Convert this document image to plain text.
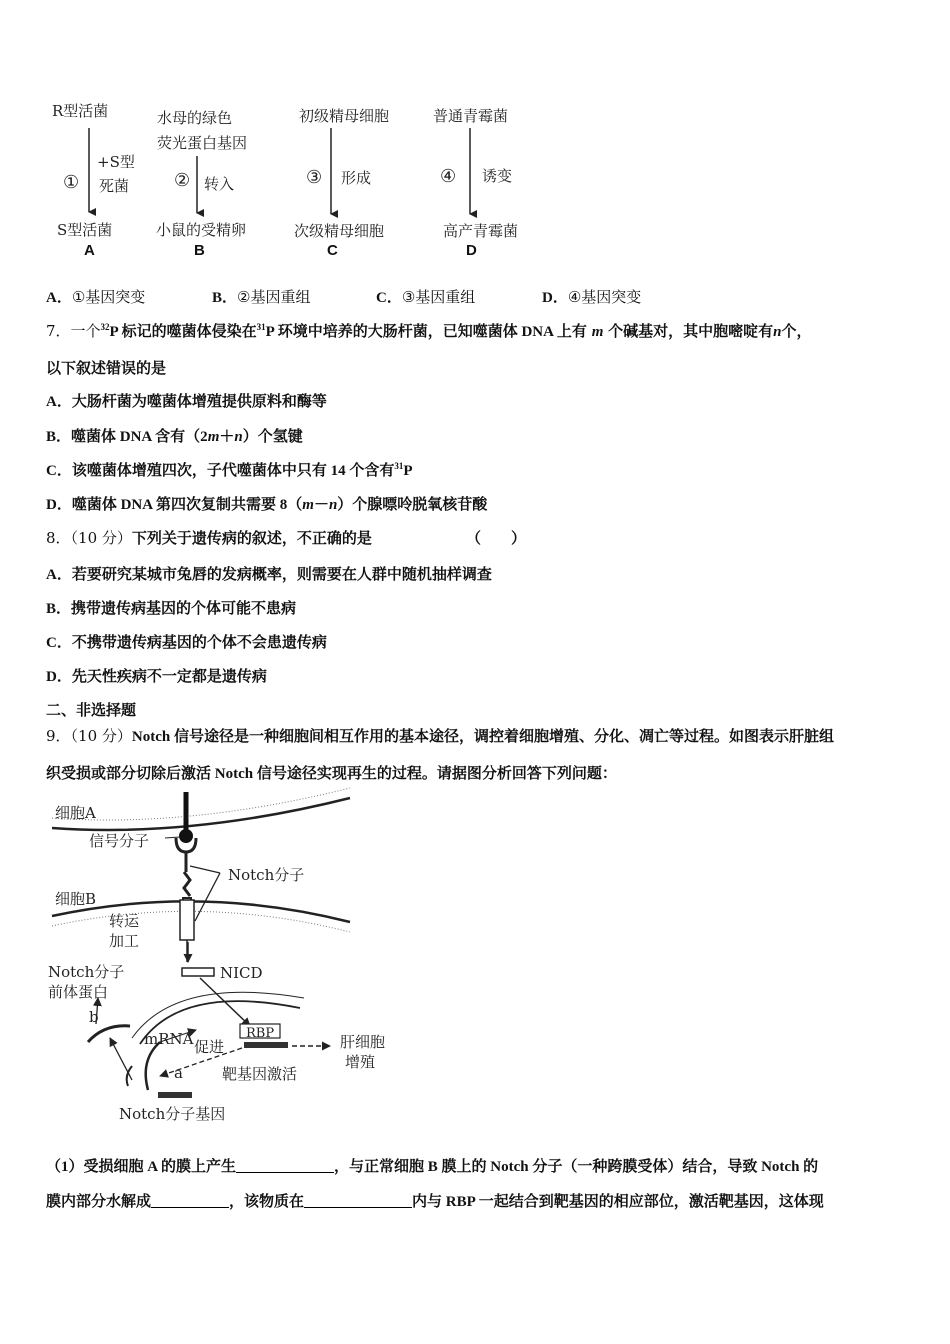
R型活菌
①
+S型
死菌
S型活菌
A
水母的绿色
荧光蛋白基因
② 转入
小鼠的受精卵
B
初级精母细胞
③ 形成
次级精母细胞
C
普通青霉菌
④ 诱变
高产青霉菌
D
A．①基因突变	B．②基因重组	C．③基因重组	D．④基因突变
7．一个$^{32}$P 标记的噬菌体侵染在$^{31}$P 环境中培养的大肠杆菌，已知噬菌体 DNA 上有 m 个碱基对，其中胞嘧啶有n个，
以下叙述错误的是
A．大肠杆菌为噬菌体增殖提供原料和酶等
B．噬菌体 DNA 含有（2m＋n）个氢键
C．该噬菌体增殖四次，子代噬菌体中只有 14 个含有$^{31}$P
D．噬菌体 DNA 第四次复制共需要 8（m－n）个腺嘌呤脱氧核苷酸
8．（10 分）下列关于遗传病的叙述，不正确的是	（　　）
A．若要研究某城市兔唇的发病概率，则需要在人群中随机抽样调查
B．携带遗传病基因的个体可能不患病
C．不携带遗传病基因的个体不会患遗传病
D．先天性疾病不一定都是遗传病
二、非选择题
9．（10 分）Notch 信号途径是一种细胞间相互作用的基本途径，调控着细胞增殖、分化、凋亡等过程。如图表示肝脏组
织受损或部分切除后激活 Notch 信号途径实现再生的过程。请据图分析回答下列问题：
细胞A
信号分子
Notch分子
细胞B
转运
加工
Notch分子
前体蛋白
NICD
b
mRNA 促进
RBP	肝细胞
增殖
a	靶基因激活
Notch分子基因
（1）受损细胞 A 的膜上产生	，与正常细胞 B 膜上的 Notch 分子（一种跨膜受体）结合，导致 Notch 的
膜内部分水解成	，该物质在	内与 RBP 一起结合到靶基因的相应部位，激活靶基因，这体现
